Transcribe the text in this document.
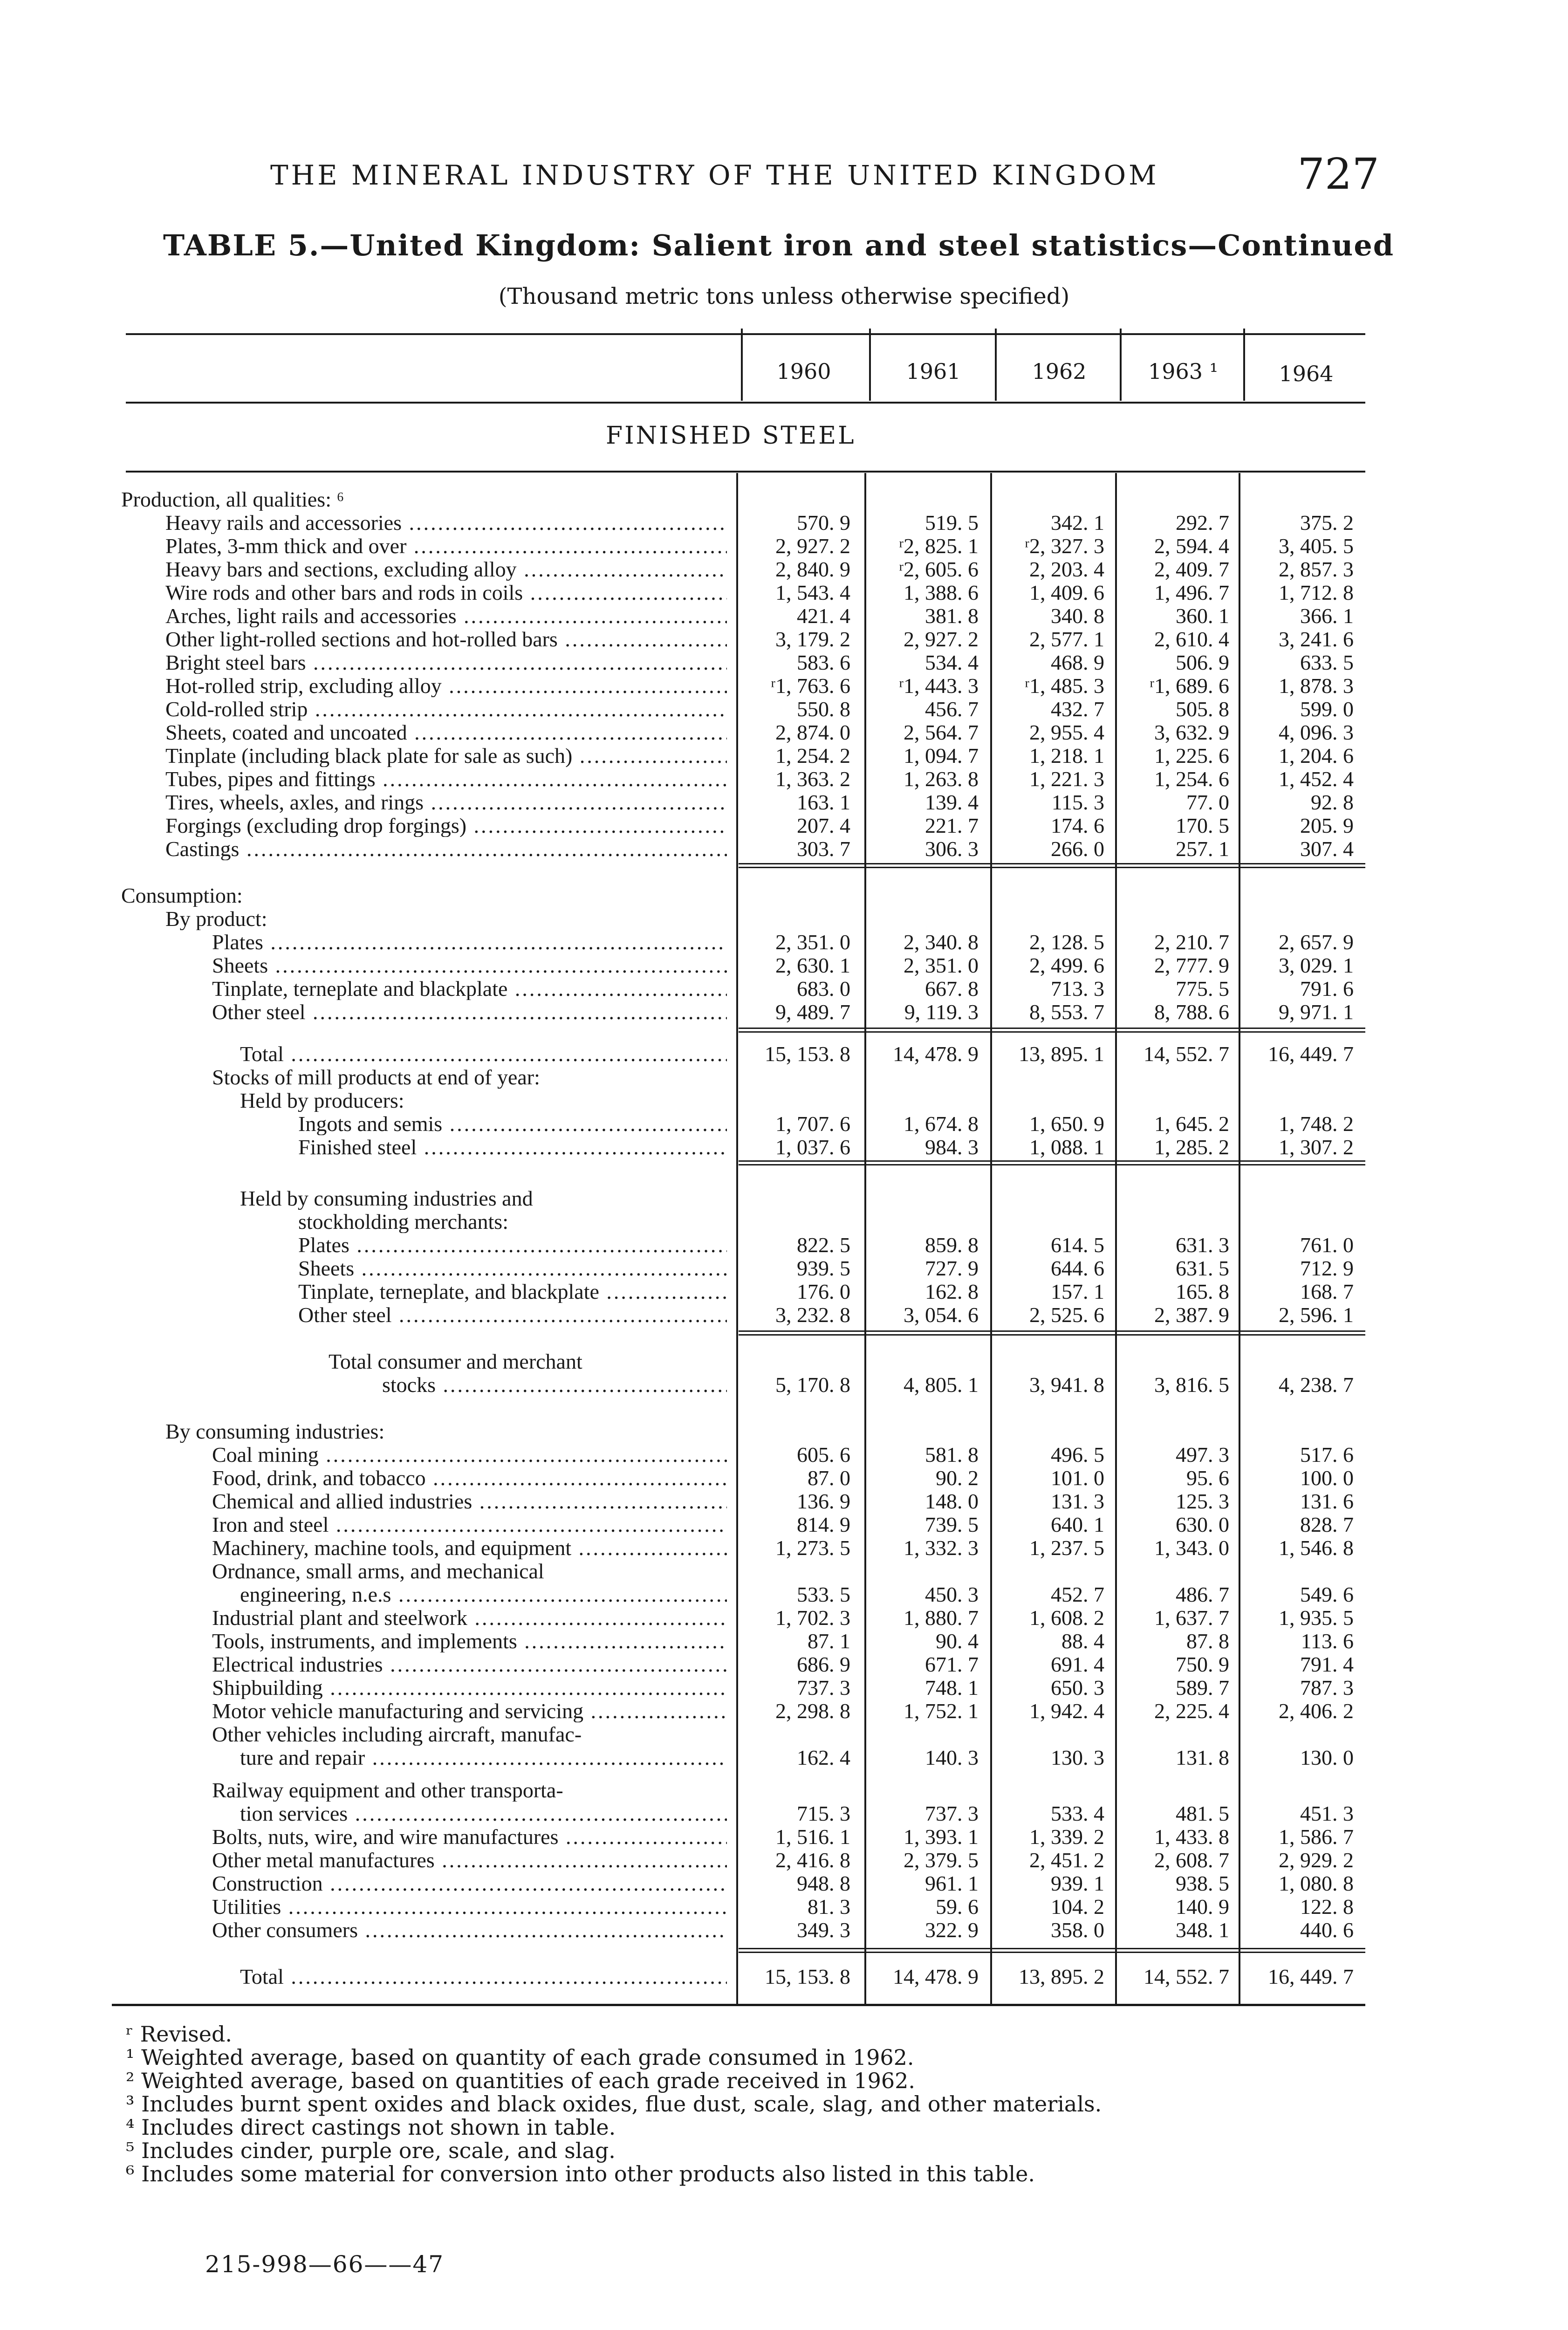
THE MINERAL INDUSTRY OF THE UNITED KINGDOM	727
TABLE 5.—United Kingdom: Salient iron and steel statistics—Continued
(Thousand metric tons unless otherwise specified)
1960	1961	1962	1963 ¹	1964
FINISHED STEEL
Production, all qualities: ⁶
Heavy rails and accessories .....	570. 9	519. 5	342. 1	292. 7	375. 2
Plates, 3-mm thick and over .....	2, 927. 2	ʳ2, 825. 1	ʳ2, 327. 3	2, 594. 4	3, 405. 5
Heavy bars and sections, excluding alloy .....	2, 840. 9	ʳ2, 605. 6	2, 203. 4	2, 409. 7	2, 857. 3
Wire rods and other bars and rods in coils .....	1, 543. 4	1, 388. 6	1, 409. 6	1, 496. 7	1, 712. 8
Arches, light rails and accessories .....	421. 4	381. 8	340. 8	360. 1	366. 1
Other light-rolled sections and hot-rolled bars .....	3, 179. 2	2, 927. 2	2, 577. 1	2, 610. 4	3, 241. 6
Bright steel bars .....	583. 6	534. 4	468. 9	506. 9	633. 5
Hot-rolled strip, excluding alloy .....	ʳ1, 763. 6	ʳ1, 443. 3	ʳ1, 485. 3	ʳ1, 689. 6	1, 878. 3
Cold-rolled strip .....	550. 8	456. 7	432. 7	505. 8	599. 0
Sheets, coated and uncoated .....	2, 874. 0	2, 564. 7	2, 955. 4	3, 632. 9	4, 096. 3
Tinplate (including black plate for sale as such) .....	1, 254. 2	1, 094. 7	1, 218. 1	1, 225. 6	1, 204. 6
Tubes, pipes and fittings .....	1, 363. 2	1, 263. 8	1, 221. 3	1, 254. 6	1, 452. 4
Tires, wheels, axles, and rings .....	163. 1	139. 4	115. 3	77. 0	92. 8
Forgings (excluding drop forgings) .....	207. 4	221. 7	174. 6	170. 5	205. 9
Castings .....	303. 7	306. 3	266. 0	257. 1	307. 4
Consumption:
By product:
Plates .....	2, 351. 0	2, 340. 8	2, 128. 5	2, 210. 7	2, 657. 9
Sheets .....	2, 630. 1	2, 351. 0	2, 499. 6	2, 777. 9	3, 029. 1
Tinplate, terneplate and blackplate .....	683. 0	667. 8	713. 3	775. 5	791. 6
Other steel .....	9, 489. 7	9, 119. 3	8, 553. 7	8, 788. 6	9, 971. 1
Total .....	15, 153. 8	14, 478. 9	13, 895. 1	14, 552. 7	16, 449. 7
Stocks of mill products at end of year:
Held by producers:
Ingots and semis .....	1, 707. 6	1, 674. 8	1, 650. 9	1, 645. 2	1, 748. 2
Finished steel .....	1, 037. 6	984. 3	1, 088. 1	1, 285. 2	1, 307. 2
Held by consuming industries and
stockholding merchants:
Plates .....	822. 5	859. 8	614. 5	631. 3	761. 0
Sheets .....	939. 5	727. 9	644. 6	631. 5	712. 9
Tinplate, terneplate, and blackplate .....	176. 0	162. 8	157. 1	165. 8	168. 7
Other steel .....	3, 232. 8	3, 054. 6	2, 525. 6	2, 387. 9	2, 596. 1
Total consumer and merchant
stocks .....	5, 170. 8	4, 805. 1	3, 941. 8	3, 816. 5	4, 238. 7
By consuming industries:
Coal mining .....	605. 6	581. 8	496. 5	497. 3	517. 6
Food, drink, and tobacco .....	87. 0	90. 2	101. 0	95. 6	100. 0
Chemical and allied industries .....	136. 9	148. 0	131. 3	125. 3	131. 6
Iron and steel .....	814. 9	739. 5	640. 1	630. 0	828. 7
Machinery, machine tools, and equipment .....	1, 273. 5	1, 332. 3	1, 237. 5	1, 343. 0	1, 546. 8
Ordnance, small arms, and mechanical
engineering, n.e.s .....	533. 5	450. 3	452. 7	486. 7	549. 6
Industrial plant and steelwork .....	1, 702. 3	1, 880. 7	1, 608. 2	1, 637. 7	1, 935. 5
Tools, instruments, and implements .....	87. 1	90. 4	88. 4	87. 8	113. 6
Electrical industries .....	686. 9	671. 7	691. 4	750. 9	791. 4
Shipbuilding .....	737. 3	748. 1	650. 3	589. 7	787. 3
Motor vehicle manufacturing and servicing .....	2, 298. 8	1, 752. 1	1, 942. 4	2, 225. 4	2, 406. 2
Other vehicles including aircraft, manufac-
ture and repair .....	162. 4	140. 3	130. 3	131. 8	130. 0
Railway equipment and other transporta-
tion services .....	715. 3	737. 3	533. 4	481. 5	451. 3
Bolts, nuts, wire, and wire manufactures .....	1, 516. 1	1, 393. 1	1, 339. 2	1, 433. 8	1, 586. 7
Other metal manufactures .....	2, 416. 8	2, 379. 5	2, 451. 2	2, 608. 7	2, 929. 2
Construction .....	948. 8	961. 1	939. 1	938. 5	1, 080. 8
Utilities .....	81. 3	59. 6	104. 2	140. 9	122. 8
Other consumers .....	349. 3	322. 9	358. 0	348. 1	440. 6
Total .....	15, 153. 8	14, 478. 9	13, 895. 2	14, 552. 7	16, 449. 7
ʳ Revised.
¹ Weighted average, based on quantity of each grade consumed in 1962.
² Weighted average, based on quantities of each grade received in 1962.
³ Includes burnt spent oxides and black oxides, flue dust, scale, slag, and other materials.
⁴ Includes direct castings not shown in table.
⁵ Includes cinder, purple ore, scale, and slag.
⁶ Includes some material for conversion into other products also listed in this table.
215-998—66——47
